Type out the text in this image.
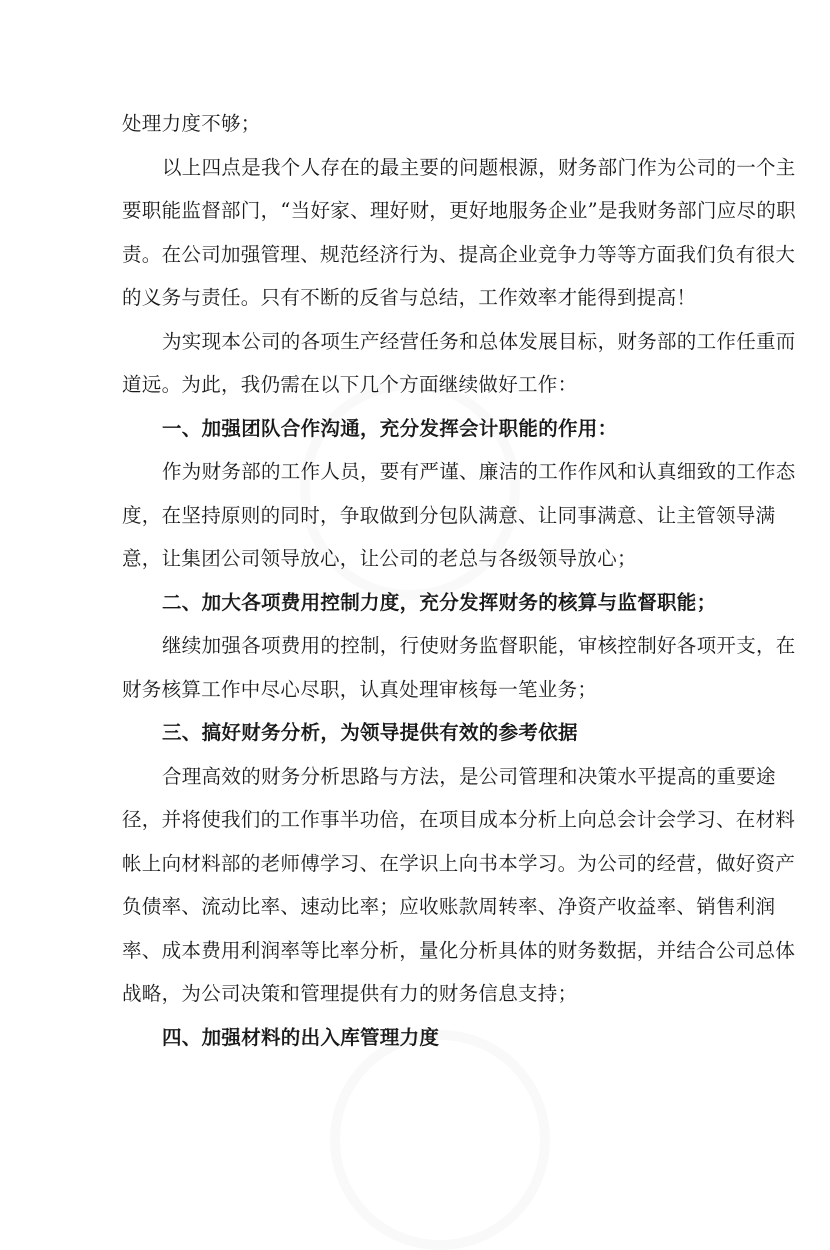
处理力度不够；
以上四点是我个人存在的最主要的问题根源，财务部门作为公司的一个主
要职能监督部门，“当好家、理好财，更好地服务企业”是我财务部门应尽的职
责。在公司加强管理、规范经济行为、提高企业竞争力等等方面我们负有很大
的义务与责任。只有不断的反省与总结，工作效率才能得到提高！
为实现本公司的各项生产经营任务和总体发展目标，财务部的工作任重而
道远。为此，我仍需在以下几个方面继续做好工作：
一、加强团队合作沟通，充分发挥会计职能的作用：
作为财务部的工作人员，要有严谨、廉洁的工作作风和认真细致的工作态
度，在坚持原则的同时，争取做到分包队满意、让同事满意、让主管领导满
意，让集团公司领导放心，让公司的老总与各级领导放心；
二、加大各项费用控制力度，充分发挥财务的核算与监督职能；
继续加强各项费用的控制，行使财务监督职能，审核控制好各项开支，在
财务核算工作中尽心尽职，认真处理审核每一笔业务；
三、搞好财务分析，为领导提供有效的参考依据
合理高效的财务分析思路与方法，是公司管理和决策水平提高的重要途
径，并将使我们的工作事半功倍，在项目成本分析上向总会计会学习、在材料
帐上向材料部的老师傅学习、在学识上向书本学习。为公司的经营，做好资产
负债率、流动比率、速动比率；应收账款周转率、净资产收益率、销售利润
率、成本费用利润率等比率分析，量化分析具体的财务数据，并结合公司总体
战略，为公司决策和管理提供有力的财务信息支持；
四、加强材料的出入库管理力度
